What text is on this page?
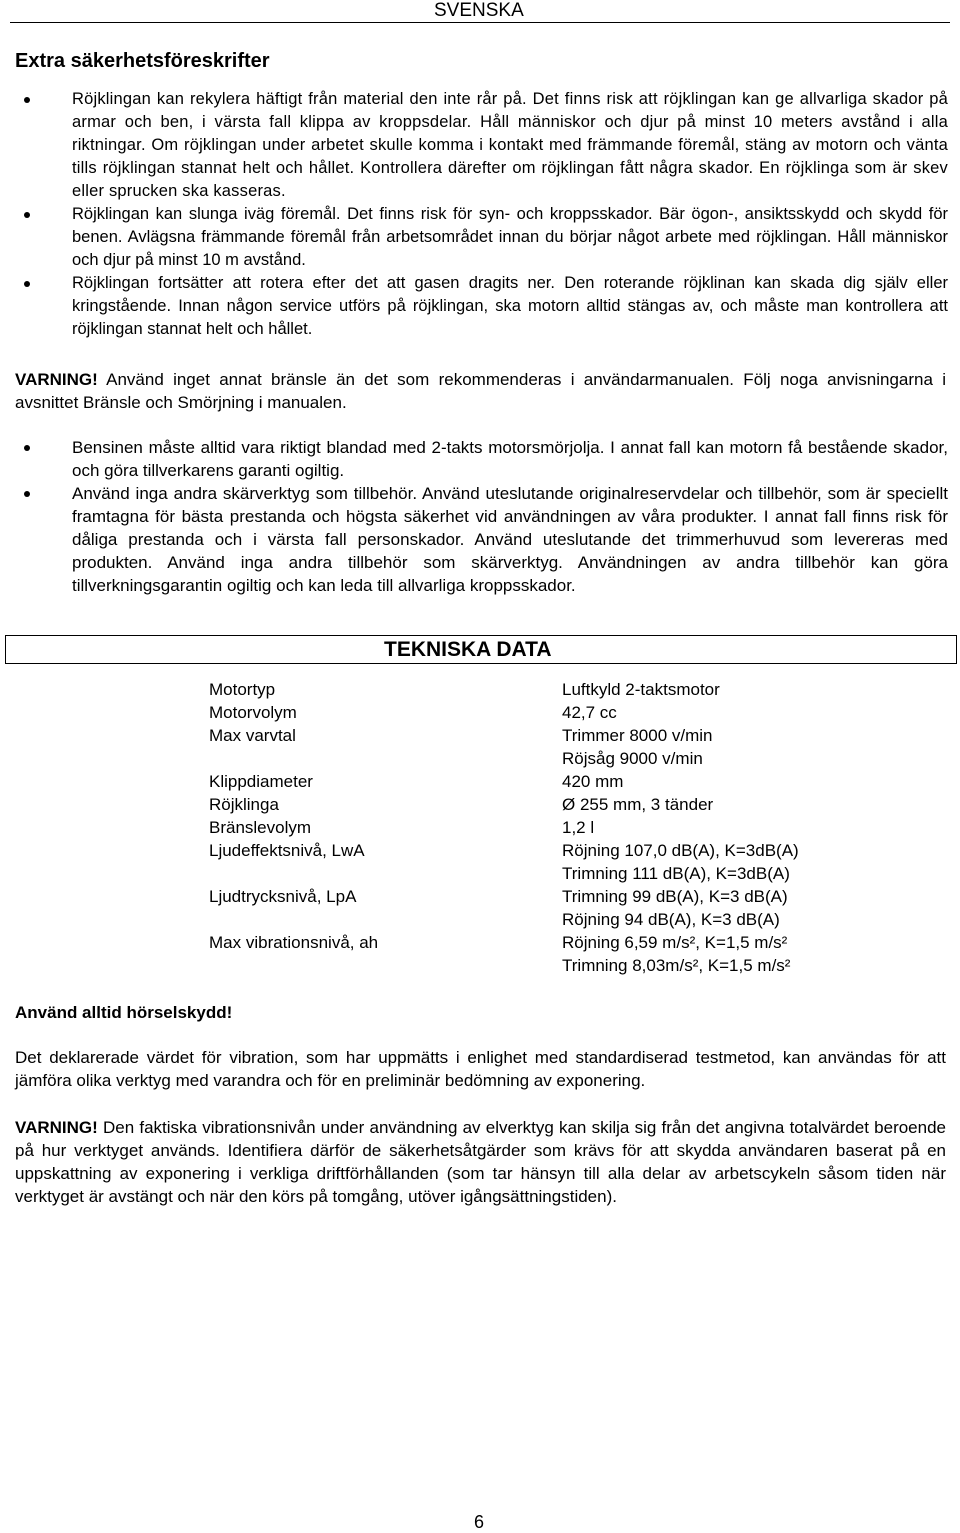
SVENSKA
Extra säkerhetsföreskrifter
Röjklingan kan rekylera häftigt från material den inte rår på. Det finns risk att röjklingan kan ge allvarliga skador på armar och ben, i värsta fall klippa av kroppsdelar. Håll människor och djur på minst 10 meters avstånd i alla riktningar. Om röjklingan under arbetet skulle komma i kontakt med främmande föremål, stäng av motorn och vänta tills röjklingan stannat helt och hållet. Kontrollera därefter om röjklingan fått några skador. En röjklinga som är skev eller sprucken ska kasseras.
Röjklingan kan slunga iväg föremål. Det finns risk för syn- och kroppsskador. Bär ögon-, ansiktsskydd och skydd för benen. Avlägsna främmande föremål från arbetsområdet innan du börjar något arbete med röjklingan. Håll människor och djur på minst 10 m avstånd.
Röjklingan fortsätter att rotera efter det att gasen dragits ner. Den roterande röjklinan kan skada dig själv eller kringstående. Innan någon service utförs på röjklingan, ska motorn alltid stängas av, och måste man kontrollera att röjklingan stannat helt och hållet.

VARNING! Använd inget annat bränsle än det som rekommenderas i användarmanualen. Följ noga anvisningarna i avsnittet Bränsle och Smörjning i manualen.

Bensinen måste alltid vara riktigt blandad med 2-takts motorsmörjolja. I annat fall kan motorn få bestående skador, och göra tillverkarens garanti ogiltig.
Använd inga andra skärverktyg som tillbehör. Använd uteslutande originalreservdelar och tillbehör, som är speciellt framtagna för bästa prestanda och högsta säkerhet vid användningen av våra produkter. I annat fall finns risk för dåliga prestanda och i värsta fall personskador. Använd uteslutande det trimmerhuvud som levereras med produkten. Använd inga andra tillbehör som skärverktyg. Användningen av andra tillbehör kan göra tillverkningsgarantin ogiltig och kan leda till allvarliga kroppsskador.
TEKNISKA DATA
Motortyp	Luftkyld 2-taktsmotor
Motorvolym	42,7 cc
Max varvtal	Trimmer 8000 v/min
Röjsåg 9000 v/min
Klippdiameter	420 mm
Röjklinga	Ø 255 mm, 3 tänder
Bränslevolym	1,2 l
Ljudeffektsnivå, LwA	Röjning 107,0 dB(A), K=3dB(A)
Trimning 111 dB(A), K=3dB(A)
Ljudtrycksnivå, LpA	Trimning 99 dB(A), K=3 dB(A)
Röjning 94 dB(A), K=3 dB(A)
Max vibrationsnivå, ah	Röjning 6,59 m/s², K=1,5 m/s²
Trimning 8,03m/s², K=1,5 m/s²
Använd alltid hörselskydd!

Det deklarerade värdet för vibration, som har uppmätts i enlighet med standardiserad testmetod, kan användas för att jämföra olika verktyg med varandra och för en preliminär bedömning av exponering.

VARNING! Den faktiska vibrationsnivån under användning av elverktyg kan skilja sig från det angivna totalvärdet beroende på hur verktyget används. Identifiera därför de säkerhetsåtgärder som krävs för att skydda användaren baserat på en uppskattning av exponering i verkliga driftförhållanden (som tar hänsyn till alla delar av arbetscykeln såsom tiden när verktyget är avstängt och när den körs på tomgång, utöver igångsättningstiden).

6
